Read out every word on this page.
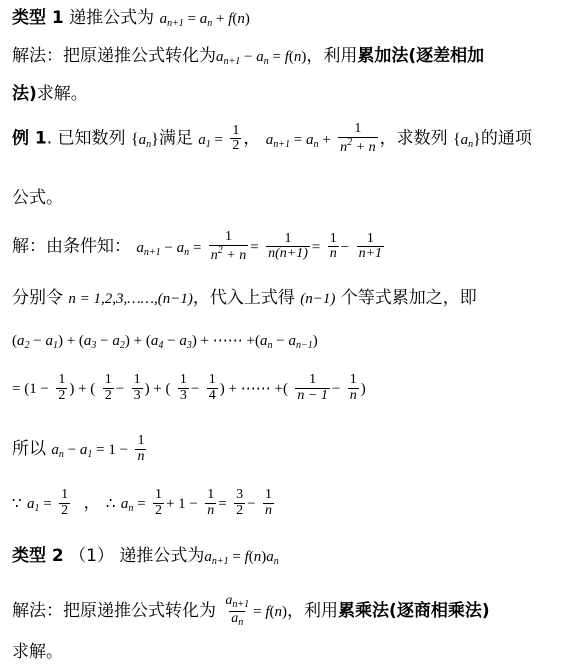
类型 1 递推公式为 $a_{n+1} = a_n + f(n)$
解法：把原递推公式转化为$a_{n+1} - a_n = f(n)$，利用累加法(逐差相加
法)求解。
例 1. 已知数列 $\{a_n\}$满足 $a_1 = \frac{1}{2}$ ， $a_{n+1} = a_n + \frac{1}{n^2 + n}$ ，求数列 $\{a_n\}$的通项
公式。
解：由条件知： $a_{n+1} - a_n = \frac{1}{n^2 + n} = \frac{1}{n(n+1)} = \frac{1}{n} - \frac{1}{n+1}$
分别令 n = 1,2,3,……,(n−1)，代入上式得 (n−1) 个等式累加之，即
$(a_2 - a_1) + (a_3 - a_2) + (a_4 - a_3)$ + ⋯⋯ $+(a_n - a_{n-1})$
= ($1 - \frac{1}{2}$ ) + ( $\frac{1}{2} - \frac{1}{3}$ ) + ( $\frac{1}{3} - \frac{1}{4}$ ) + ⋯⋯ +( $\frac{1}{n - 1} - \frac{1}{n}$ )
所以 $a_n - a_1 = 1 - \frac{1}{n}$
∵ $a_1 = \frac{1}{2}$ ， ∴ $a_n = \frac{1}{2} + 1 - \frac{1}{n} = \frac{3}{2} - \frac{1}{n}$
类型 2 （1） 递推公式为$a_{n+1} = f(n)a_n$
解法：把原递推公式转化为 $\frac{a_{n+1}}{a_n} = f(n)$，利用累乘法(逐商相乘法)
求解。
